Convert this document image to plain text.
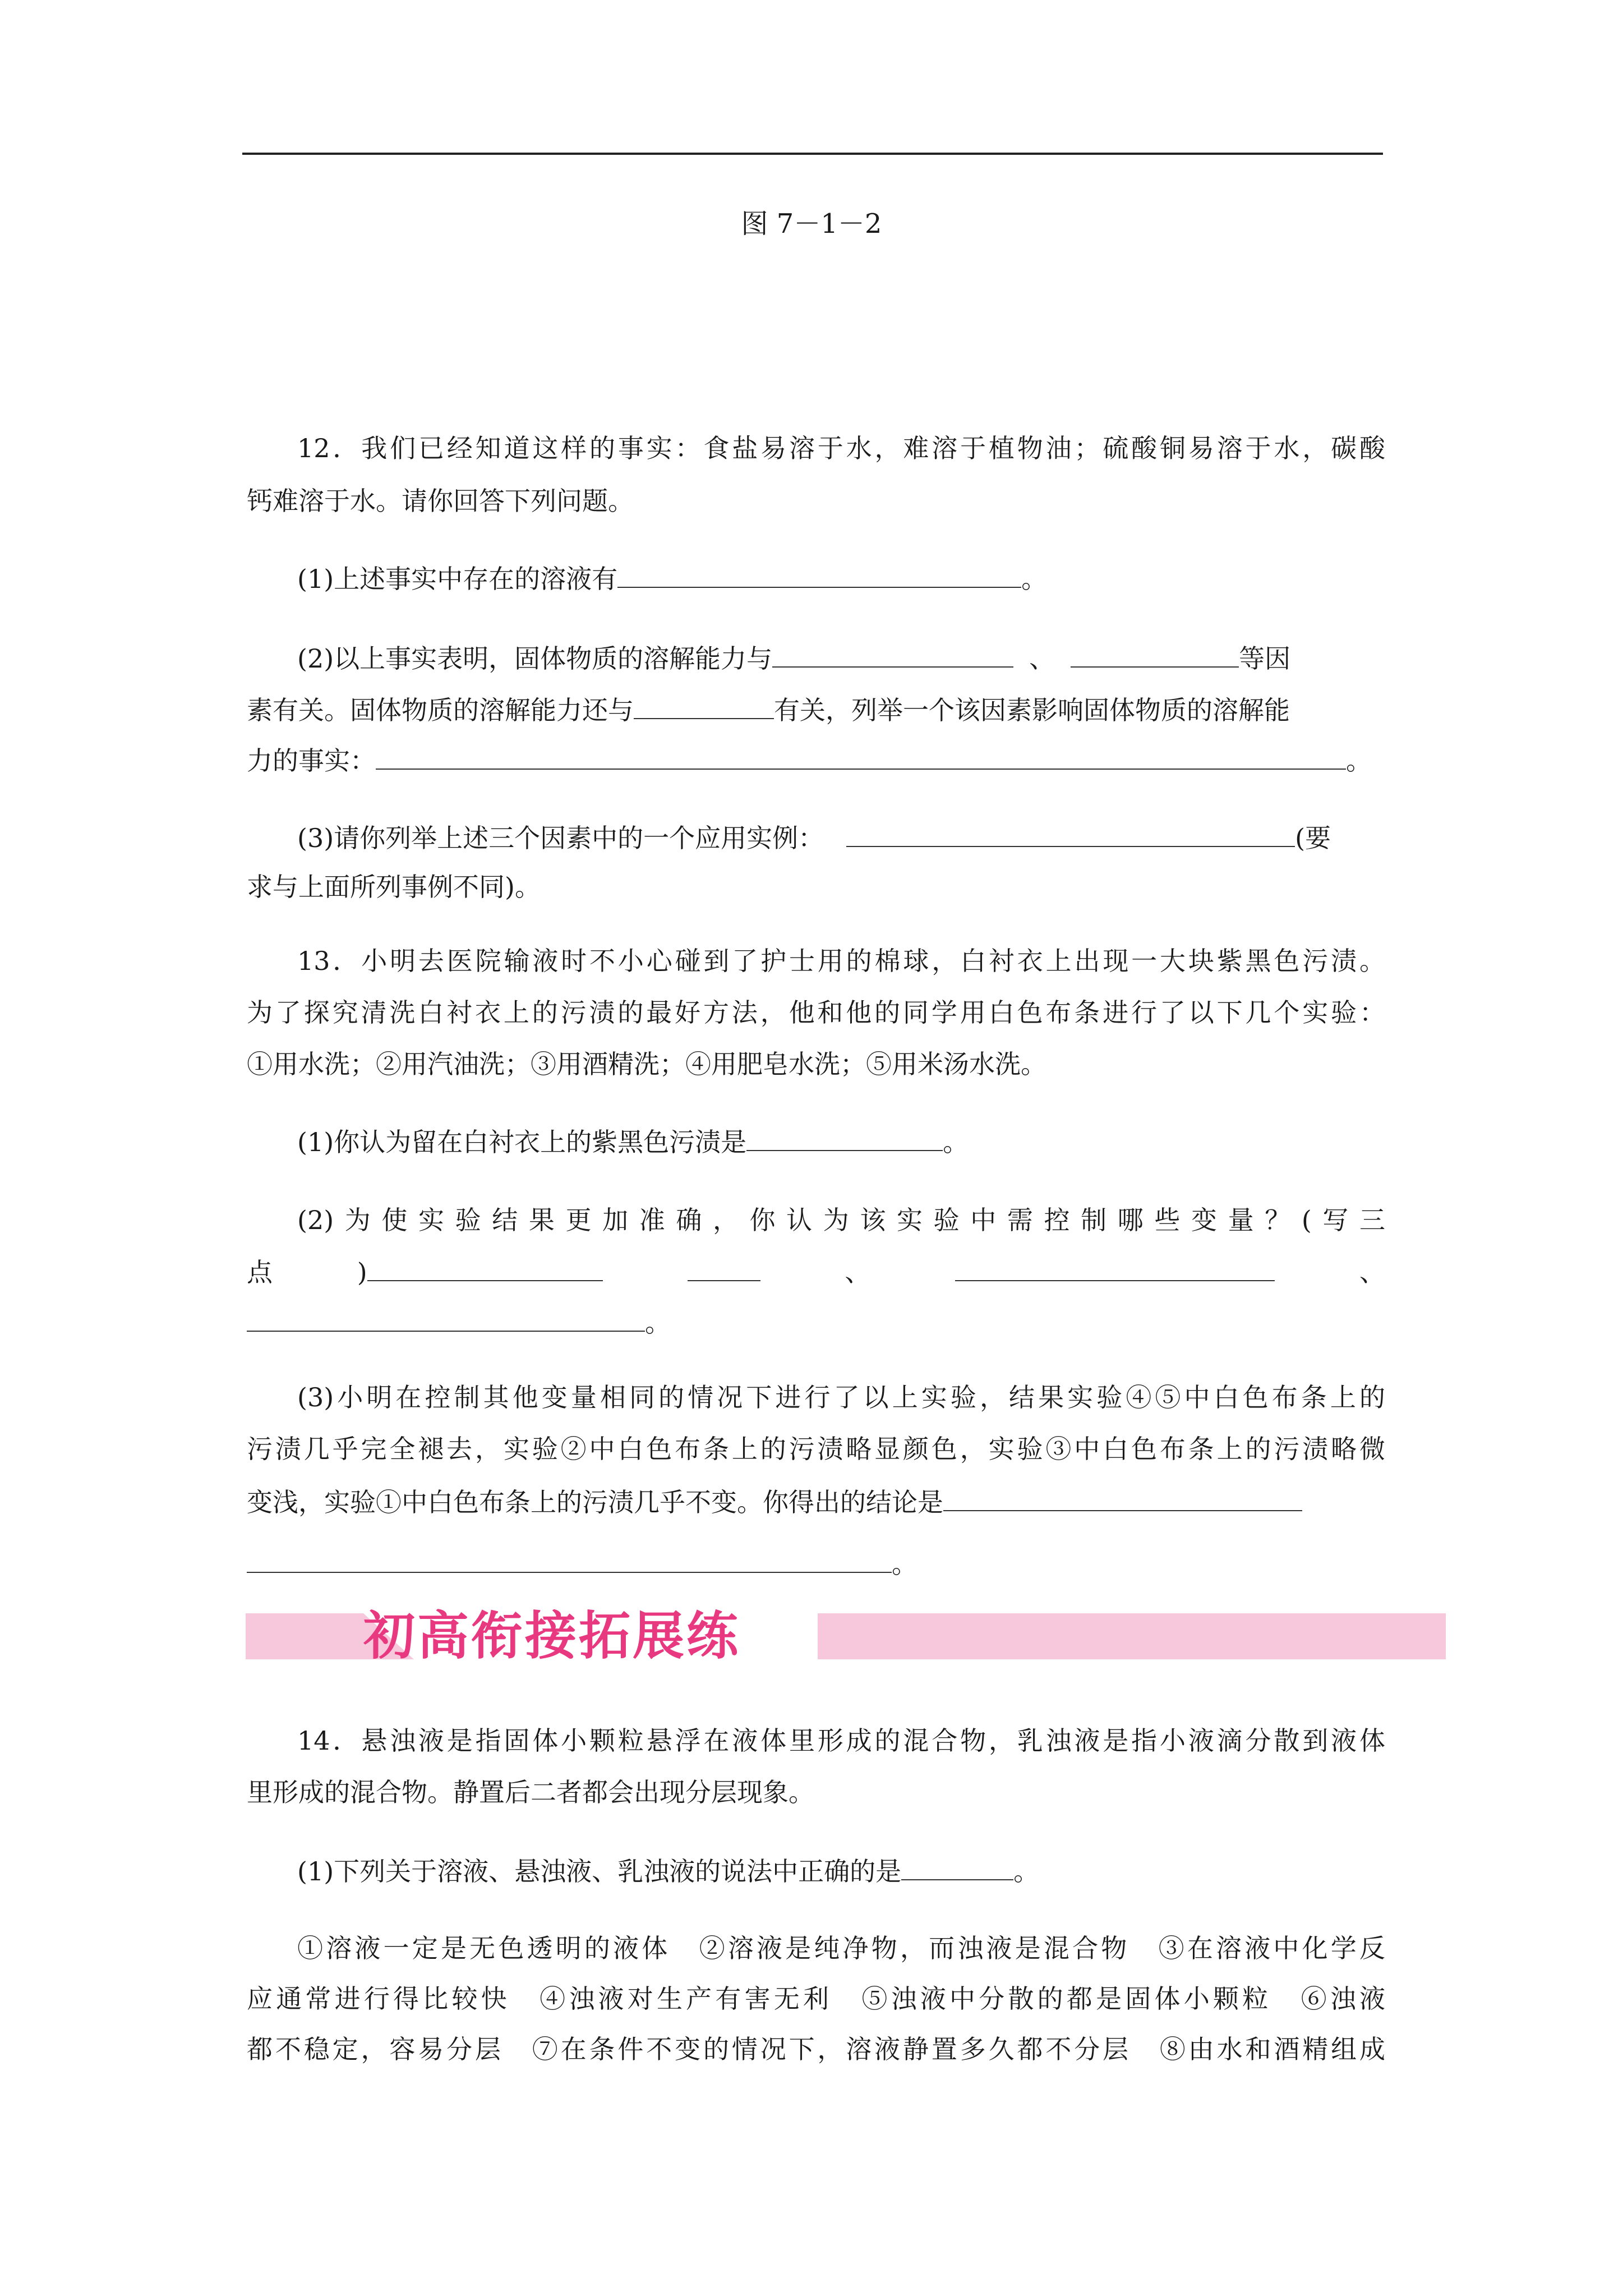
图 7－1－2
12．我们已经知道这样的事实：食盐易溶于水，难溶于植物油；硫酸铜易溶于水，碳酸
钙难溶于水。请你回答下列问题。
(1)上述事实中存在的溶液有	。
(2)以上事实表明，固体物质的溶解能力与	、	等因
素有关。固体物质的溶解能力还与	有关，列举一个该因素影响固体物质的溶解能
力的事实：	。
(3)请你列举上述三个因素中的一个应用实例：	(要
求与上面所列事例不同)。
13．小明去医院输液时不小心碰到了护士用的棉球，白衬衣上出现一大块紫黑色污渍。
为了探究清洗白衬衣上的污渍的最好方法，他和他的同学用白色布条进行了以下几个实验：
①用水洗；②用汽油洗；③用酒精洗；④用肥皂水洗；⑤用米汤水洗。
(1)你认为留在白衬衣上的紫黑色污渍是	。
(2)为使实验结果更加准确，你认为该实验中需控制哪些变量？(写三
点	)	、	、
。
(3)小明在控制其他变量相同的情况下进行了以上实验，结果实验④⑤中白色布条上的
污渍几乎完全褪去，实验②中白色布条上的污渍略显颜色，实验③中白色布条上的污渍略微
变浅，实验①中白色布条上的污渍几乎不变。你得出的结论是
。
初高衔接拓展练
14．悬浊液是指固体小颗粒悬浮在液体里形成的混合物，乳浊液是指小液滴分散到液体
里形成的混合物。静置后二者都会出现分层现象。
(1)下列关于溶液、悬浊液、乳浊液的说法中正确的是	。
①溶液一定是无色透明的液体　②溶液是纯净物，而浊液是混合物　③在溶液中化学反
应通常进行得比较快　④浊液对生产有害无利　⑤浊液中分散的都是固体小颗粒　⑥浊液
都不稳定，容易分层　⑦在条件不变的情况下，溶液静置多久都不分层　⑧由水和酒精组成
